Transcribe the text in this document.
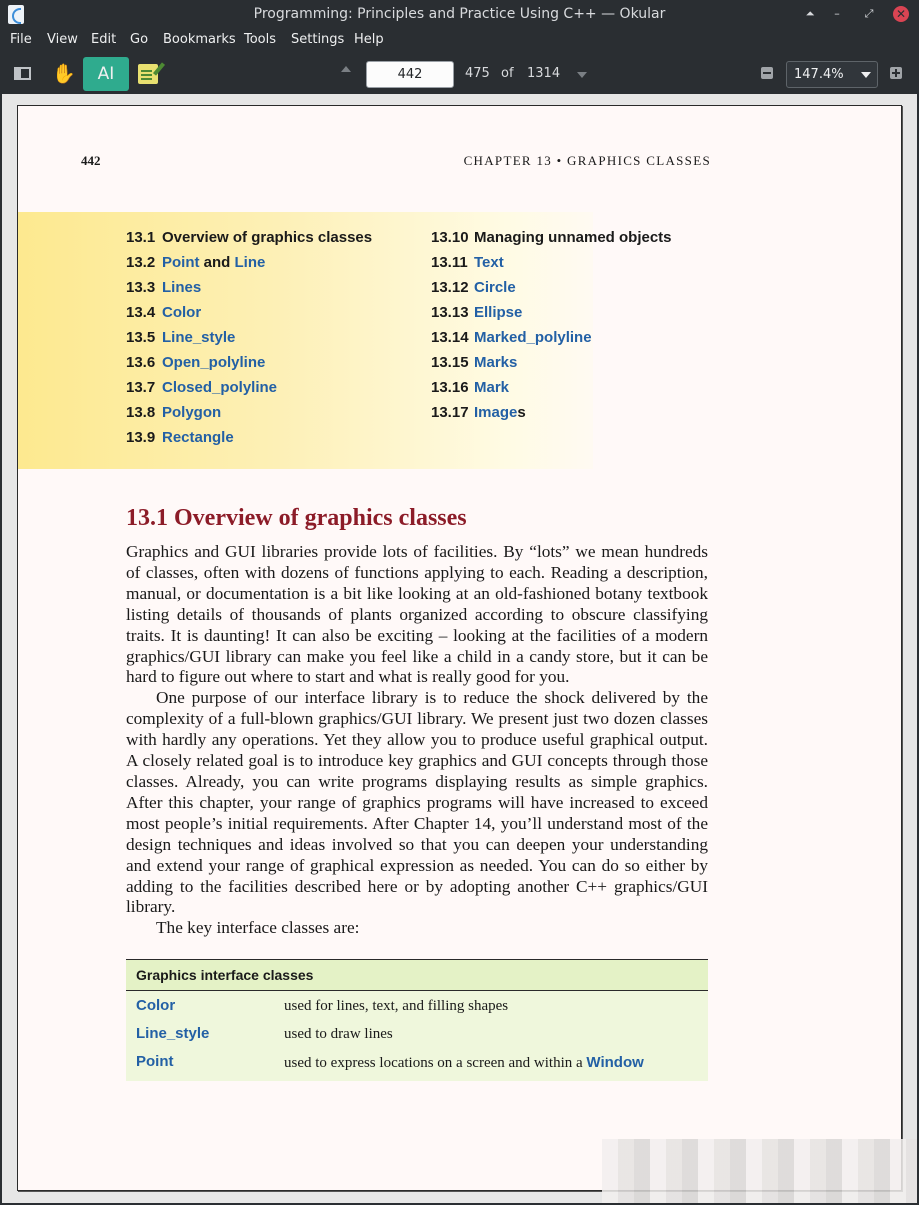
Programming: Principles and Practice Using C++ — Okular	⏶	–	⤢ ✕
File View Edit Go Bookmarks Tools Settings Help
✋	475 of 1314
AI
442	147.4%
442	CHAPTER 13 • GRAPHICS CLASSES
13.1 Overview of graphics classes
13.2 Point and Line
13.3 Lines
13.4 Color
13.5 Line_style
13.6 Open_polyline
13.7 Closed_polyline
13.8 Polygon
13.9 Rectangle
13.10 Managing unnamed objects
13.11 Text
13.12 Circle
13.13 Ellipse
13.14 Marked_polyline
13.15 Marks
13.16 Mark
13.17 Images
13.1 Overview of graphics classes

Graphics and GUI libraries provide lots of facilities. By “lots” we mean hundreds of classes, often with dozens of functions applying to each. Reading a description, manual, or documentation is a bit like looking at an old-fashioned botany textbook listing details of thousands of plants organized according to obscure classifying traits. It is daunting! It can also be exciting – looking at the facilities of a modern graphics/GUI library can make you feel like a child in a candy store, but it can be hard to figure out where to start and what is really good for you.

One purpose of our interface library is to reduce the shock delivered by the complexity of a full-blown graphics/GUI library. We present just two dozen classes with hardly any operations. Yet they allow you to produce useful graphical output. A closely related goal is to introduce key graphics and GUI concepts through those classes. Already, you can write programs displaying results as simple graphics. After this chapter, your range of graphics programs will have increased to exceed most people’s initial requirements. After Chapter 14, you’ll understand most of the design techniques and ideas involved so that you can deepen your understanding and extend your range of graphical expression as needed. You can do so either by adding to the facilities described here or by adopting another C++ graphics/GUI library.

The key interface classes are:

Graphics interface classes
Color	used for lines, text, and filling shapes
Line_style	used to draw lines
Point	used to express locations on a screen and within a Window
